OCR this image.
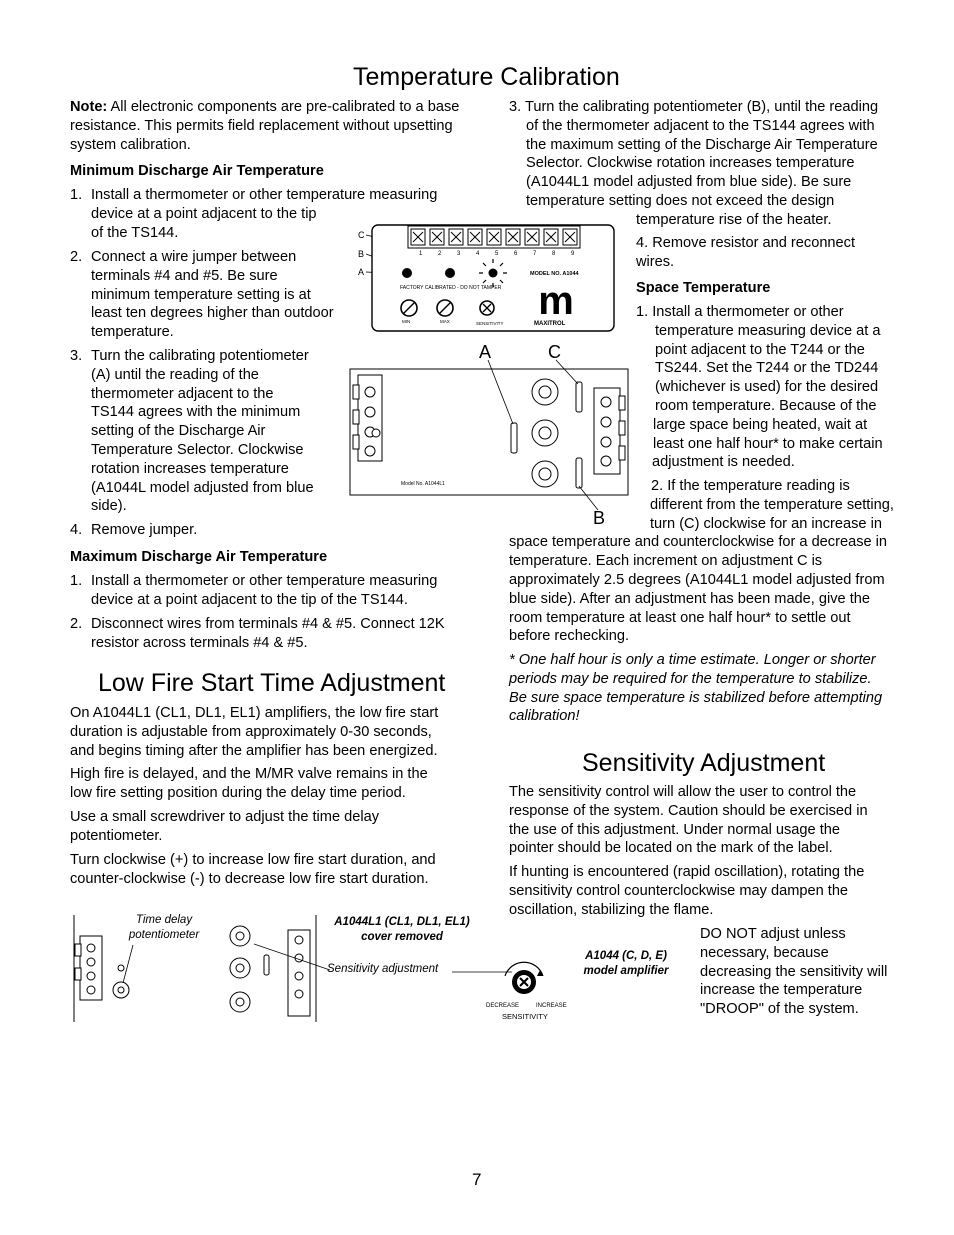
Temperature Calibration
Low Fire Start Time Adjustment
Sensitivity Adjustment
Note: All electronic components are pre-calibrated to a base
resistance. This permits field replacement without upsetting
system calibration.
Minimum Discharge Air Temperature
1. Install a thermometer or other temperature measuring
device at a point adjacent to the tip
of the TS144.
2. Connect a wire jumper between
terminals #4 and #5. Be sure
minimum temperature setting is at
least ten degrees higher than outdoor
temperature.
3. Turn the calibrating potentiometer
(A) until the reading of the
thermometer adjacent to the
TS144 agrees with the minimum
setting of the Discharge Air
Temperature Selector. Clockwise
rotation increases temperature
(A1044L model adjusted from blue
side).
4. Remove jumper.
Maximum Discharge Air Temperature
1. Install a thermometer or other temperature measuring
device at a point adjacent to the tip of the TS144.
2. Disconnect wires from terminals #4 & #5. Connect 12K
resistor across terminals #4 & #5.
On A1044L1 (CL1, DL1, EL1) amplifiers, the low fire start
duration is adjustable from approximately 0-30 seconds,
and begins timing after the amplifier has been energized.
High fire is delayed, and the M/MR valve remains in the
low fire setting position during the delay time period.
Use a small screwdriver to adjust the time delay
potentiometer.
Turn clockwise (+) to increase low fire start duration, and
counter-clockwise (-) to decrease low fire start duration.
3. Turn the calibrating potentiometer (B), until the reading
of the thermometer adjacent to the TS144 agrees with
the maximum setting of the Discharge Air Temperature
Selector. Clockwise rotation increases temperature
(A1044L1 model adjusted from blue side). Be sure
temperature setting does not exceed the design
temperature rise of the heater.
4. Remove resistor and reconnect
wires.
Space Temperature
1. Install a thermometer or other
temperature measuring device at a
point adjacent to the T244 or the
TS244. Set the T244 or the TD244
(whichever is used) for the desired
room temperature. Because of the
large space being heated, wait at
least one half hour* to make certain
adjustment is needed.
2. If the temperature reading is
different from the temperature setting,
turn (C) clockwise for an increase in
space temperature and counterclockwise for a decrease in
temperature. Each increment on adjustment C is
approximately 2.5 degrees (A1044L1 model adjusted from
blue side). After an adjustment has been made, give the
room temperature at least one half hour* to settle out
before rechecking.
* One half hour is only a time estimate. Longer or shorter
periods may be required for the temperature to stabilize.
Be sure space temperature is stabilized before attempting
calibration!
The sensitivity control will allow the user to control the
response of the system. Caution should be exercised in
the use of this adjustment. Under normal usage the
pointer should be located on the mark of the label.
If hunting is encountered (rapid oscillation), rotating the
sensitivity control counterclockwise may dampen the
oscillation, stabilizing the flame.
DO NOT adjust unless
necessary, because
decreasing the sensitivity will
increase the temperature
"DROOP" of the system.
C
B
A
1	2	3	4	5	6	7	8	9
MODEL NO. A1044
FACTORY CALIBRATED - DO NOT TAMPER
MIN	MAX	SENSITIVITY
m
MAXITROL
A	C
B
Model No. A1044L1
DECREASE	INCREASE
SENSITIVITY
Time delay
potentiometer
A1044L1 (CL1, DL1, EL1)
cover removed
Sensitivity adjustment
A1044 (C, D, E)
model amplifier
7
